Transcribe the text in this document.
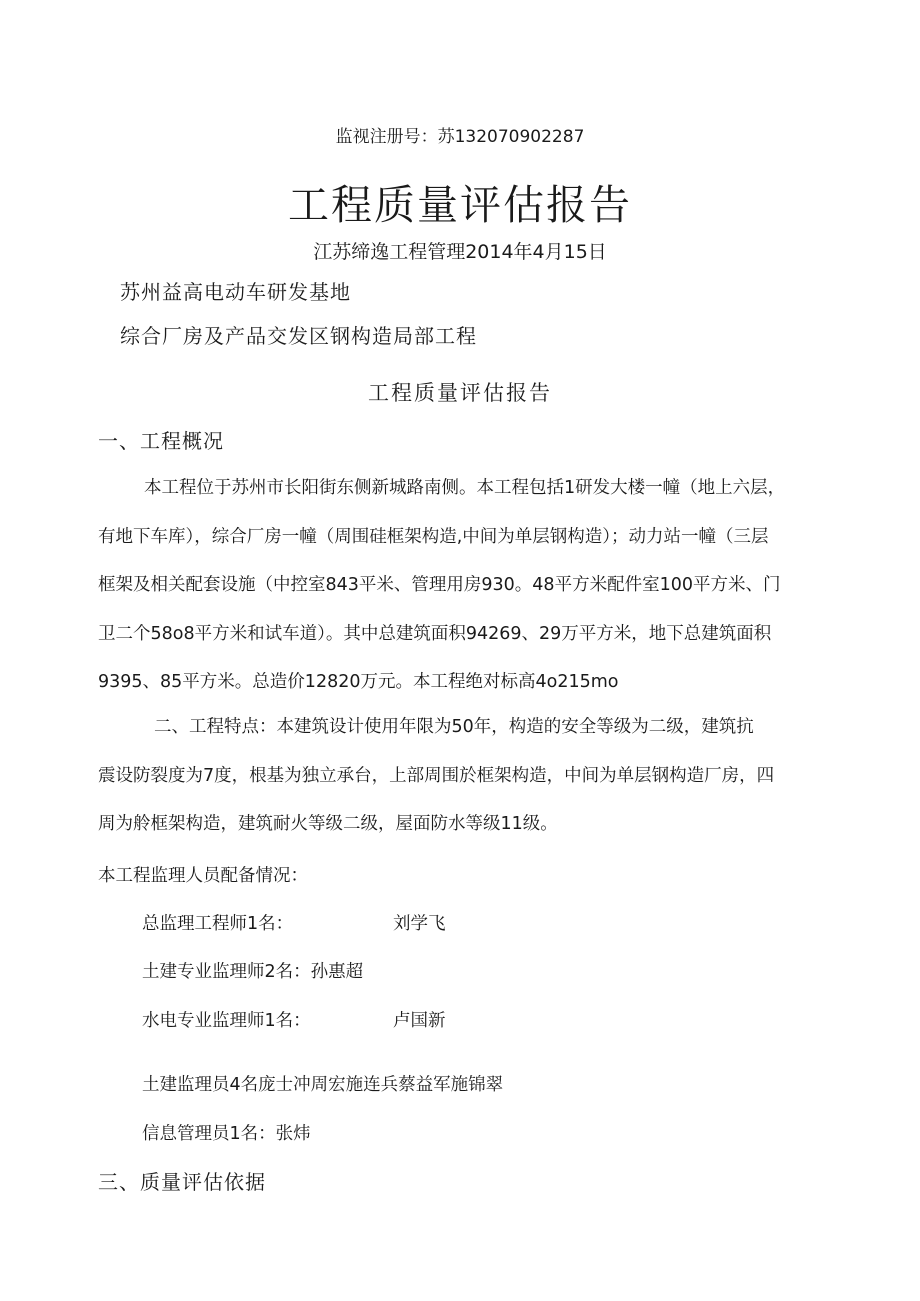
监视注册号：苏132070902287
工程质量评估报告
江苏缔逸工程管理2014年4月15日
苏州益高电动车研发基地
综合厂房及产品交发区钢构造局部工程
工程质量评估报告
一、工程概况
本工程位于苏州市长阳街东侧新城路南侧。本工程包括1研发大楼一幢（地上六层，
有地下车库），综合厂房一幢（周围硅框架构造,中间为单层钢构造）；动力站一幢（三层
框架及相关配套设施（中控室843平米、管理用房930。48平方米配件室100平方米、门
卫二个58o8平方米和试车道）。其中总建筑面积94269、29万平方米，地下总建筑面积
9395、85平方米。总造价12820万元。本工程绝对标高4o215mo
二、工程特点：本建筑设计使用年限为50年，构造的安全等级为二级，建筑抗
震设防裂度为7度，根基为独立承台，上部周围於框架构造，中间为单层钢构造厂房，四
周为舲框架构造，建筑耐火等级二级，屋面防水等级11级。
本工程监理人员配备情况：
总监理工程师1名：	刘学飞
土建专业监理师2名：孙惠超
水电专业监理师1名：	卢国新
土建监理员4名庞士冲周宏施连兵蔡益军施锦翠
信息管理员1名：张炜
三、质量评估依据
